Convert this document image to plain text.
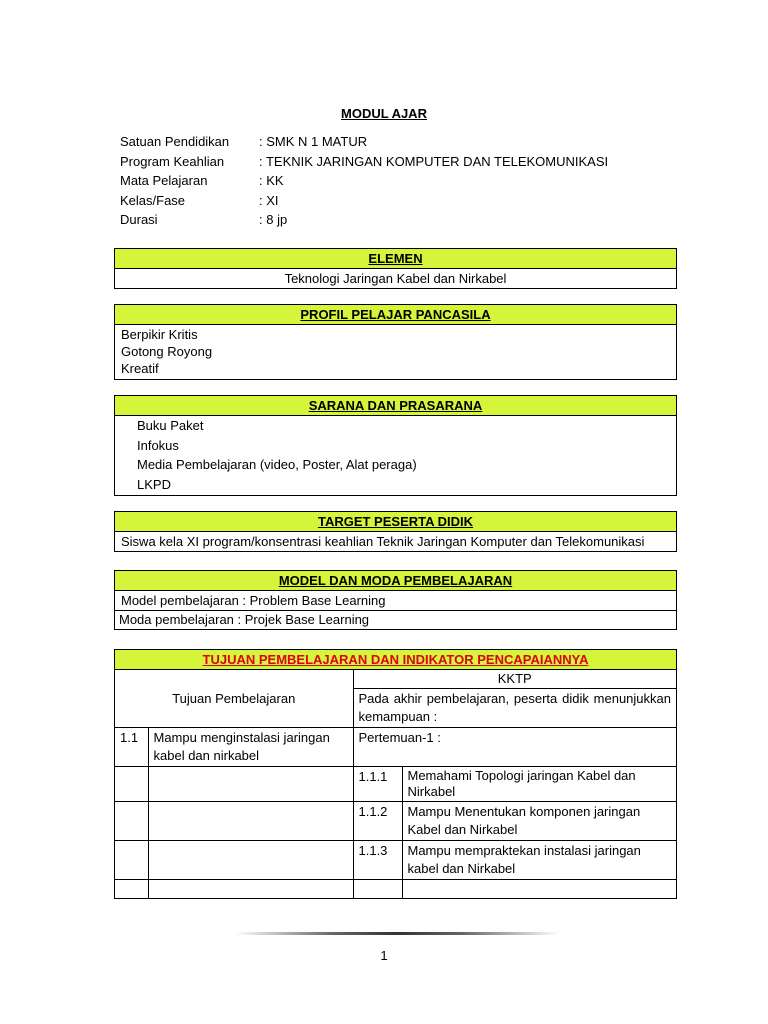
MODUL AJAR
Satuan Pendidikan : SMK N 1 MATUR
Program Keahlian	: TEKNIK JARINGAN KOMPUTER DAN TELEKOMUNIKASI
Mata Pelajaran	: KK
Kelas/Fase	: XI
Durasi	: 8 jp
ELEMEN
Teknologi Jaringan Kabel dan Nirkabel
PROFIL PELAJAR PANCASILA
Berpikir Kritis
Gotong Royong
Kreatif
SARANA DAN PRASARANA
Buku Paket
Infokus
Media Pembelajaran (video, Poster, Alat peraga)
LKPD
TARGET PESERTA DIDIK
Siswa kela XI program/konsentrasi keahlian Teknik Jaringan Komputer dan Telekomunikasi
MODEL DAN MODA PEMBELAJARAN
Model pembelajaran : Problem Base Learning
Moda pembelajaran : Projek Base Learning
TUJUAN PEMBELAJARAN DAN INDIKATOR PENCAPAIANNYA
Tujuan Pembelajaran		KKTP	
		Pada akhir pembelajaran, peserta didik menunjukkan kemampuan :	
1.1	Mampu menginstalasi jaringan kabel dan nirkabel	Pertemuan-1 :	
		1.1.1	Memahami Topologi jaringan Kabel dan Nirkabel
		1.1.2	Mampu Menentukan komponen jaringan Kabel dan Nirkabel
		1.1.3	Mampu mempraktekan instalasi jaringan kabel dan Nirkabel

1
